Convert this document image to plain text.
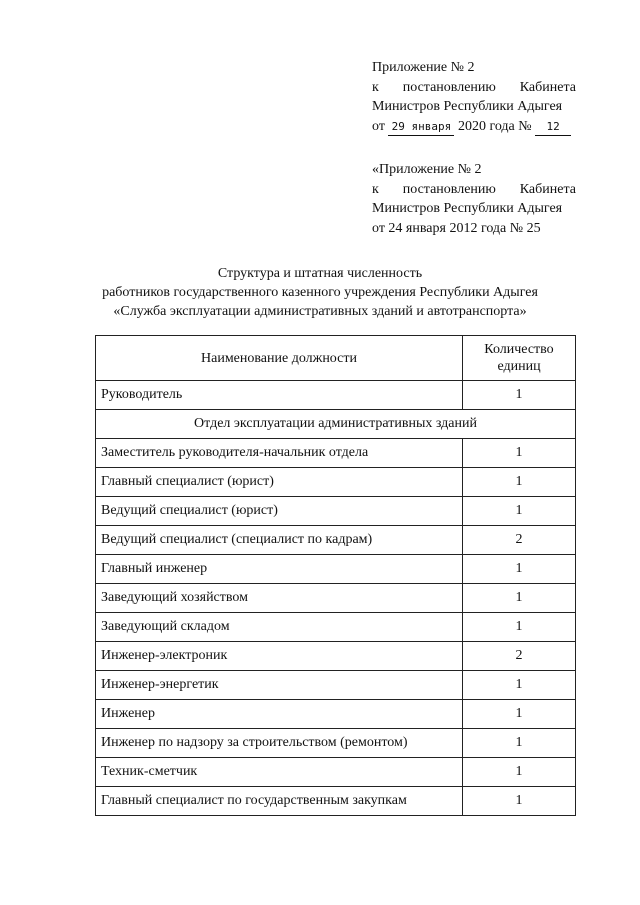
Приложение № 2
к постановлению Кабинета
Министров Республики Адыгея
от 29 января 2020 года № 12
«Приложение № 2
к постановлению Кабинета
Министров Республики Адыгея
от 24 января 2012 года № 25
Структура и штатная численность
работников государственного казенного учреждения Республики Адыгея
«Служба эксплуатации административных зданий и автотранспорта»
Наименование должности	Количество
единиц

Руководитель	1
Отдел эксплуатации административных зданий	
Заместитель руководителя-начальник отдела	1
Главный специалист (юрист)	1
Ведущий специалист (юрист)	1
Ведущий специалист (специалист по кадрам)	2
Главный инженер	1
Заведующий хозяйством	1
Заведующий складом	1
Инженер-электроник	2
Инженер-энергетик	1
Инженер	1
Инженер по надзору за строительством (ремонтом)	1
Техник-сметчик	1
Главный специалист по государственным закупкам	1
